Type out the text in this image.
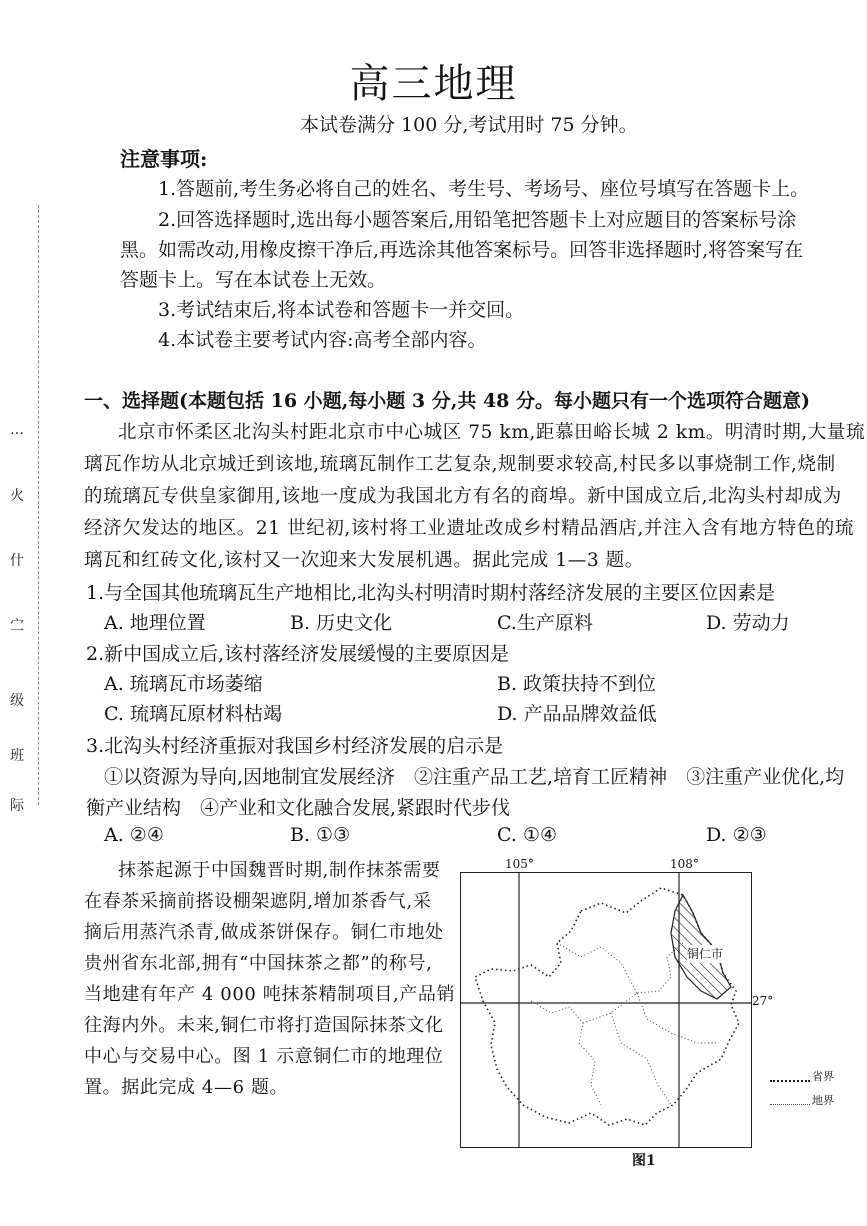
…
火
什
㝉
级
班
际
高三地理
本试卷满分 100 分,考试用时 75 分钟。
注意事项:
1.答题前,考生务必将自己的姓名、考生号、考场号、座位号填写在答题卡上。
2.回答选择题时,选出每小题答案后,用铅笔把答题卡上对应题目的答案标号涂
黑。如需改动,用橡皮擦干净后,再选涂其他答案标号。回答非选择题时,将答案写在
答题卡上。写在本试卷上无效。
3.考试结束后,将本试卷和答题卡一并交回。
4.本试卷主要考试内容:高考全部内容。
一、选择题(本题包括 16 小题,每小题 3 分,共 48 分。每小题只有一个选项符合题意)
北京市怀柔区北沟头村距北京市中心城区 75 km,距慕田峪长城 2 km。明清时期,大量琉
璃瓦作坊从北京城迁到该地,琉璃瓦制作工艺复杂,规制要求较高,村民多以事烧制工作,烧制
的琉璃瓦专供皇家御用,该地一度成为我国北方有名的商埠。新中国成立后,北沟头村却成为
经济欠发达的地区。21 世纪初,该村将工业遗址改成乡村精品酒店,并注入含有地方特色的琉
璃瓦和红砖文化,该村又一次迎来大发展机遇。据此完成 1—3 题。
1.与全国其他琉璃瓦生产地相比,北沟头村明清时期村落经济发展的主要区位因素是
A. 地理位置	B. 历史文化	C.生产原料	D. 劳动力
2.新中国成立后,该村落经济发展缓慢的主要原因是
A. 琉璃瓦市场萎缩	B. 政策扶持不到位
C. 琉璃瓦原材料枯竭	D. 产品品牌效益低
3.北沟头村经济重振对我国乡村经济发展的启示是
①以资源为导向,因地制宜发展经济　②注重产品工艺,培育工匠精神　③注重产业优化,均
衡产业结构　④产业和文化融合发展,紧跟时代步伐
A. ②④	B. ①③	C. ①④	D. ②③
抹茶起源于中国魏晋时期,制作抹茶需要
在春茶采摘前搭设棚架遮阴,增加茶香气,采
摘后用蒸汽杀青,做成茶饼保存。铜仁市地处
贵州省东北部,拥有“中国抹茶之都”的称号,
当地建有年产 4 000 吨抹茶精制项目,产品销
往海内外。未来,铜仁市将打造国际抹茶文化
中心与交易中心。图 1 示意铜仁市的地理位
置。据此完成 4—6 题。
105°	108°
27°
铜仁市
省界
地界
图1
